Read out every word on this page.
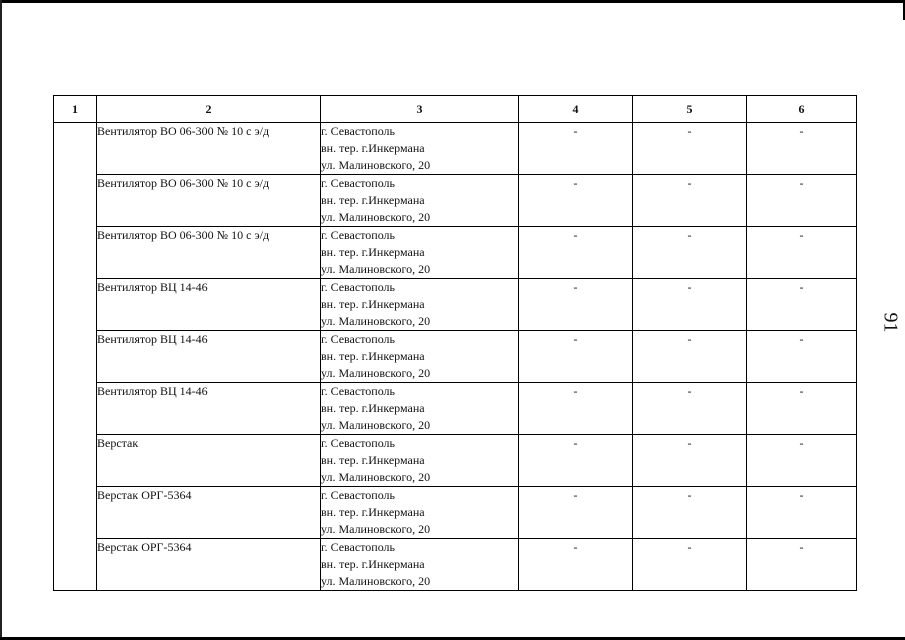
1	2	3	4	5	6
	Вентилятор ВО 06-300 № 10 с э/д	г. Севастополь
вн. тер. г.Инкермана
ул. Малиновского, 20	-	-	-
	Вентилятор ВО 06-300 № 10 с э/д	г. Севастополь
вн. тер. г.Инкермана
ул. Малиновского, 20	-	-	-
	Вентилятор ВО 06-300 № 10 с э/д	г. Севастополь
вн. тер. г.Инкермана
ул. Малиновского, 20	-	-	-
	Вентилятор ВЦ 14-46	г. Севастополь
вн. тер. г.Инкермана
ул. Малиновского, 20	-	-	-
	Вентилятор ВЦ 14-46	г. Севастополь
вн. тер. г.Инкермана
ул. Малиновского, 20	-	-	-
	Вентилятор ВЦ 14-46	г. Севастополь
вн. тер. г.Инкермана
ул. Малиновского, 20	-	-	-
	Верстак	г. Севастополь
вн. тер. г.Инкермана
ул. Малиновского, 20	-	-	-
	Верстак ОРГ-5364	г. Севастополь
вн. тер. г.Инкермана
ул. Малиновского, 20	-	-	-
	Верстак ОРГ-5364	г. Севастополь
вн. тер. г.Инкермана
ул. Малиновского, 20	-	-	-
91
